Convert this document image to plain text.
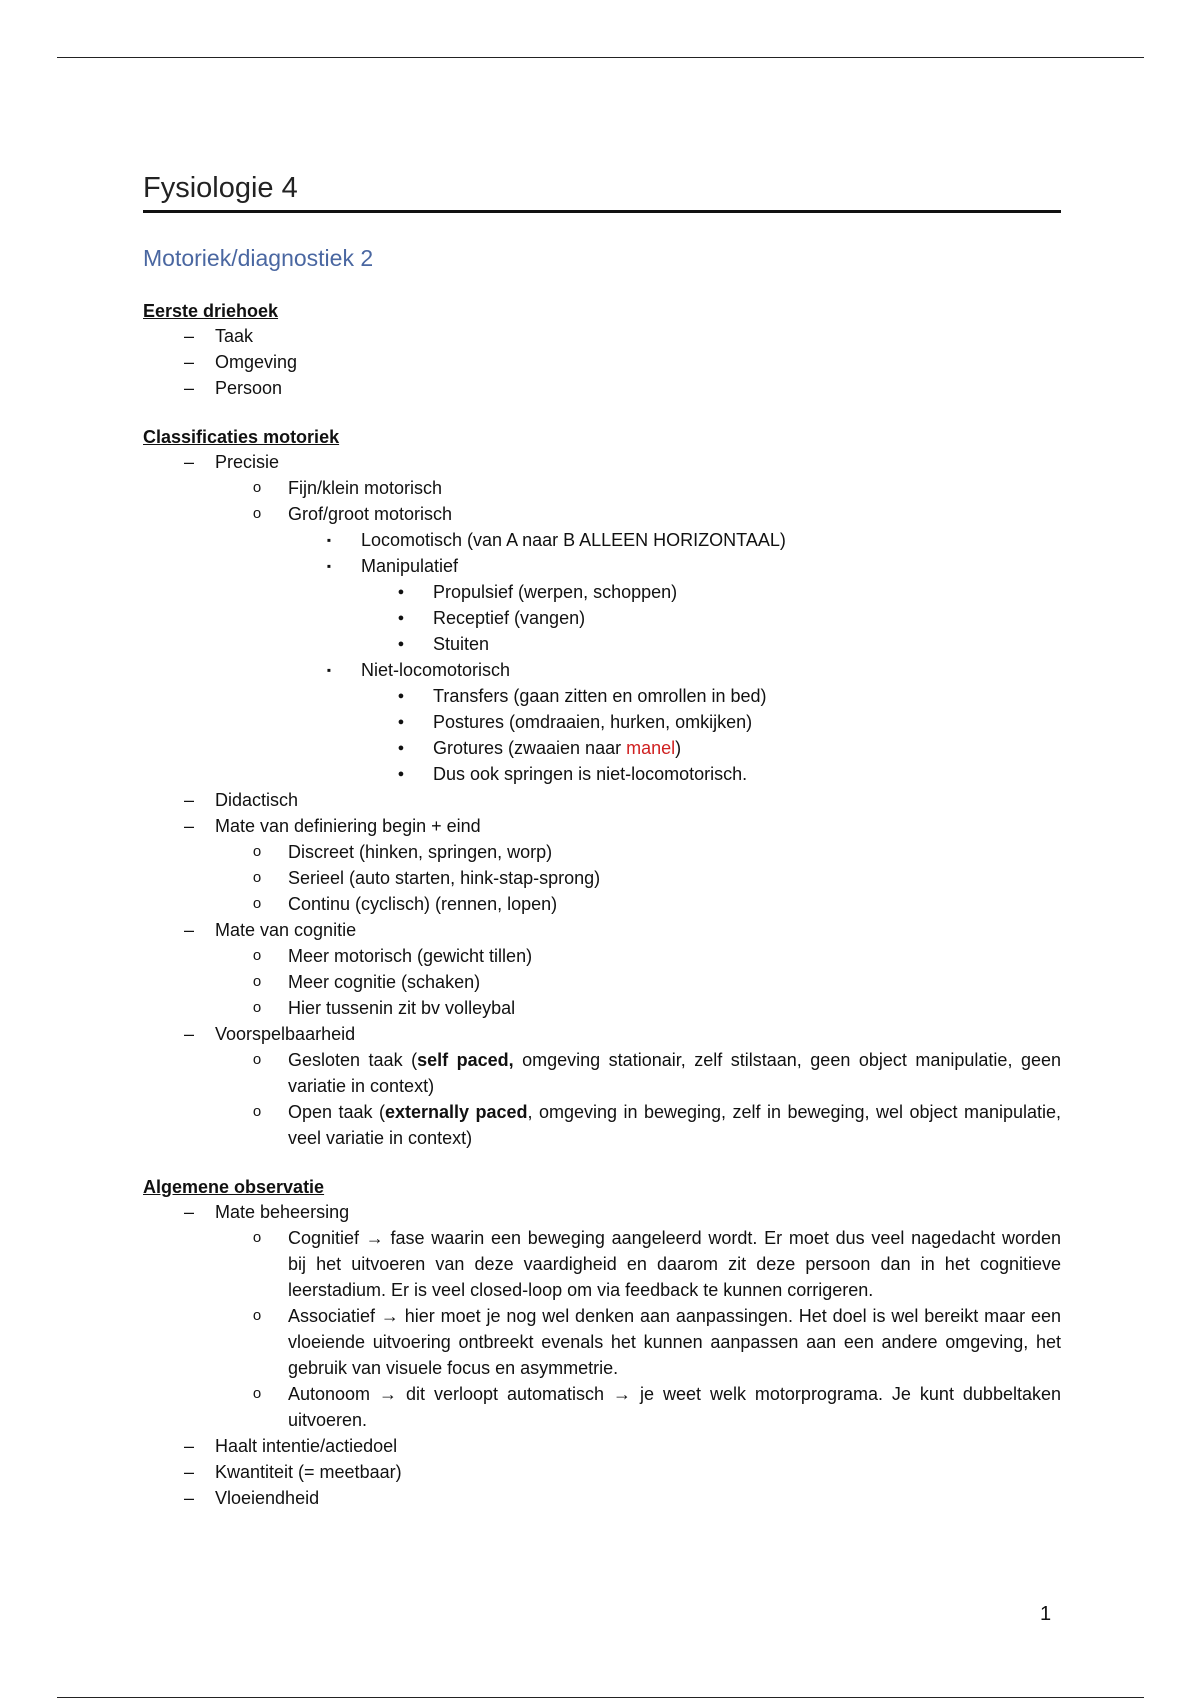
Fysiologie 4
Motoriek/diagnostiek 2
Eerste driehoek
– Taak
– Omgeving
– Persoon
Classificaties motoriek
– Precisie
o	Fijn/klein motorisch
o	Grof/groot motorisch
▪	Locomotisch (van A naar B ALLEEN HORIZONTAAL)
▪	Manipulatief
●	Propulsief (werpen, schoppen)
●	Receptief (vangen)
●	Stuiten
▪	Niet-locomotorisch
●	Transfers (gaan zitten en omrollen in bed)
●	Postures (omdraaien, hurken, omkijken)
●	Grotures (zwaaien naar manel)
●	Dus ook springen is niet-locomotorisch.
– Didactisch
– Mate van definiering begin + eind
o	Discreet (hinken, springen, worp)
o	Serieel (auto starten, hink-stap-sprong)
o	Continu (cyclisch) (rennen, lopen)
– Mate van cognitie
o	Meer motorisch (gewicht tillen)
o	Meer cognitie (schaken)
o	Hier tussenin zit bv volleybal
– Voorspelbaarheid
o	Gesloten taak (self paced, omgeving stationair, zelf stilstaan, geen object manipulatie, geen variatie in context)
o	Open taak (externally paced, omgeving in beweging, zelf in beweging, wel object manipulatie, veel variatie in context)
Algemene observatie
– Mate beheersing
o	Cognitief → fase waarin een beweging aangeleerd wordt. Er moet dus veel nagedacht worden bij het uitvoeren van deze vaardigheid en daarom zit deze persoon dan in het cognitieve leerstadium. Er is veel closed-loop om via feedback te kunnen corrigeren.
o	Associatief → hier moet je nog wel denken aan aanpassingen. Het doel is wel bereikt maar een vloeiende uitvoering ontbreekt evenals het kunnen aanpassen aan een andere omgeving, het gebruik van visuele focus en asymmetrie.
o	Autonoom → dit verloopt automatisch → je weet welk motorprograma. Je kunt dubbeltaken uitvoeren.
– Haalt intentie/actiedoel
– Kwantiteit (= meetbaar)
– Vloeiendheid
1
